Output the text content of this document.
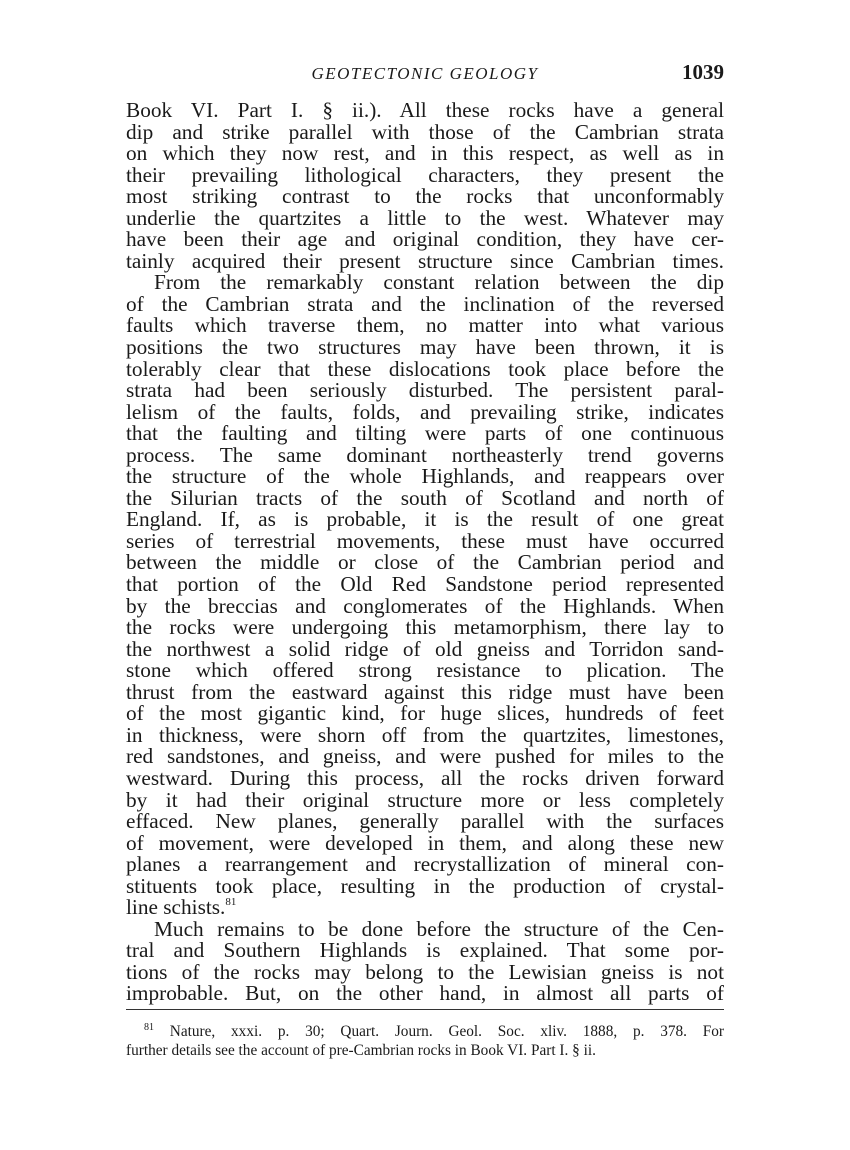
GEOTECTONIC GEOLOGY	1039
Book VI. Part I. § ii.). All these rocks have a general
dip and strike parallel with those of the Cambrian strata
on which they now rest, and in this respect, as well as in
their prevailing lithological characters, they present the
most striking contrast to the rocks that unconformably
underlie the quartzites a little to the west. Whatever may
have been their age and original condition, they have cer-
tainly acquired their present structure since Cambrian times.
From the remarkably constant relation between the dip
of the Cambrian strata and the inclination of the reversed
faults which traverse them, no matter into what various
positions the two structures may have been thrown, it is
tolerably clear that these dislocations took place before the
strata had been seriously disturbed. The persistent paral-
lelism of the faults, folds, and prevailing strike, indicates
that the faulting and tilting were parts of one continuous
process. The same dominant northeasterly trend governs
the structure of the whole Highlands, and reappears over
the Silurian tracts of the south of Scotland and north of
England. If, as is probable, it is the result of one great
series of terrestrial movements, these must have occurred
between the middle or close of the Cambrian period and
that portion of the Old Red Sandstone period represented
by the breccias and conglomerates of the Highlands. When
the rocks were undergoing this metamorphism, there lay to
the northwest a solid ridge of old gneiss and Torridon sand-
stone which offered strong resistance to plication. The
thrust from the eastward against this ridge must have been
of the most gigantic kind, for huge slices, hundreds of feet
in thickness, were shorn off from the quartzites, limestones,
red sandstones, and gneiss, and were pushed for miles to the
westward. During this process, all the rocks driven forward
by it had their original structure more or less completely
effaced. New planes, generally parallel with the surfaces
of movement, were developed in them, and along these new
planes a rearrangement and recrystallization of mineral con-
stituents took place, resulting in the production of crystal-
line schists.$^{81}$
Much remains to be done before the structure of the Cen-
tral and Southern Highlands is explained. That some por-
tions of the rocks may belong to the Lewisian gneiss is not
improbable. But, on the other hand, in almost all parts of
$^{81}$ Nature, xxxi. p. 30; Quart. Journ. Geol. Soc. xliv. 1888, p. 378. For
further details see the account of pre-Cambrian rocks in Book VI. Part I. § ii.
